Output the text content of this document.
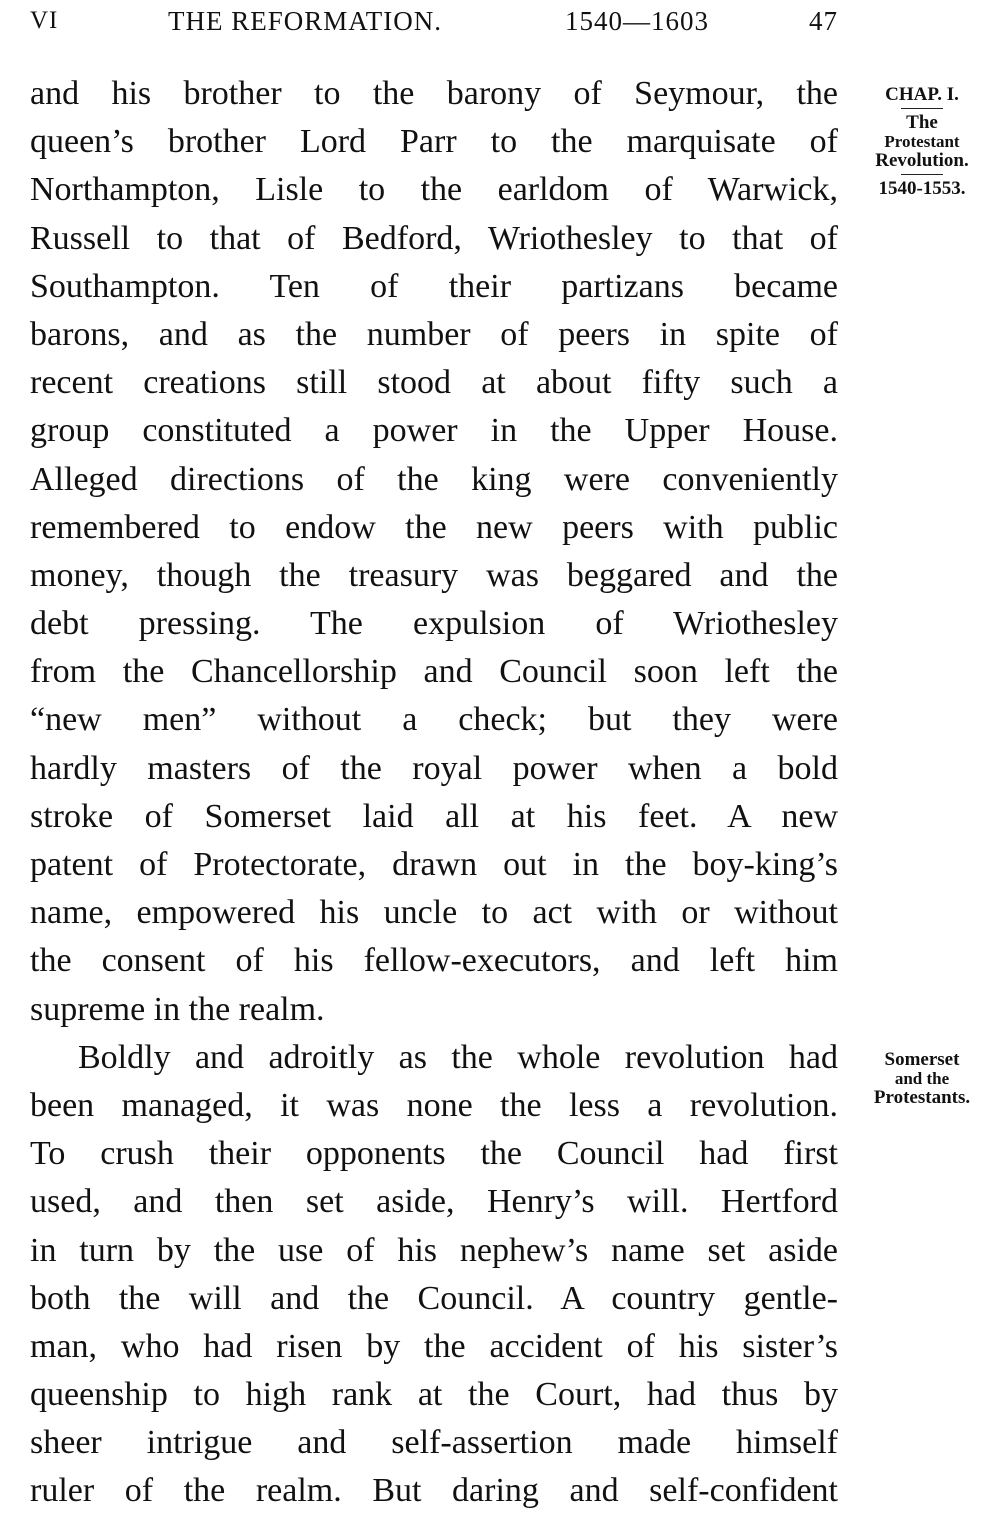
VI	THE REFORMATION.	1540—1603	47
and his brother to the barony of Seymour, the
queen’s brother Lord Parr to the marquisate of
Northampton, Lisle to the earldom of Warwick,
Russell to that of Bedford, Wriothesley to that of
Southampton. Ten of their partizans became
barons, and as the number of peers in spite of
recent creations still stood at about fifty such a
group constituted a power in the Upper House.
Alleged directions of the king were conveniently
remembered to endow the new peers with public
money, though the treasury was beggared and the
debt pressing. The expulsion of Wriothesley
from the Chancellorship and Council soon left the
“new men” without a check; but they were
hardly masters of the royal power when a bold
stroke of Somerset laid all at his feet. A new
patent of Protectorate, drawn out in the boy-king’s
name, empowered his uncle to act with or without
the consent of his fellow-executors, and left him
supreme in the realm.
Boldly and adroitly as the whole revolution had
been managed, it was none the less a revolution.
To crush their opponents the Council had first
used, and then set aside, Henry’s will. Hertford
in turn by the use of his nephew’s name set aside
both the will and the Council. A country gentle-
man, who had risen by the accident of his sister’s
queenship to high rank at the Court, had thus by
sheer intrigue and self-assertion made himself
ruler of the realm. But daring and self-confident
CHAP. I.
The
Protestant
Revolution.
1540-1553.
Somerset
and the
Protestants.
